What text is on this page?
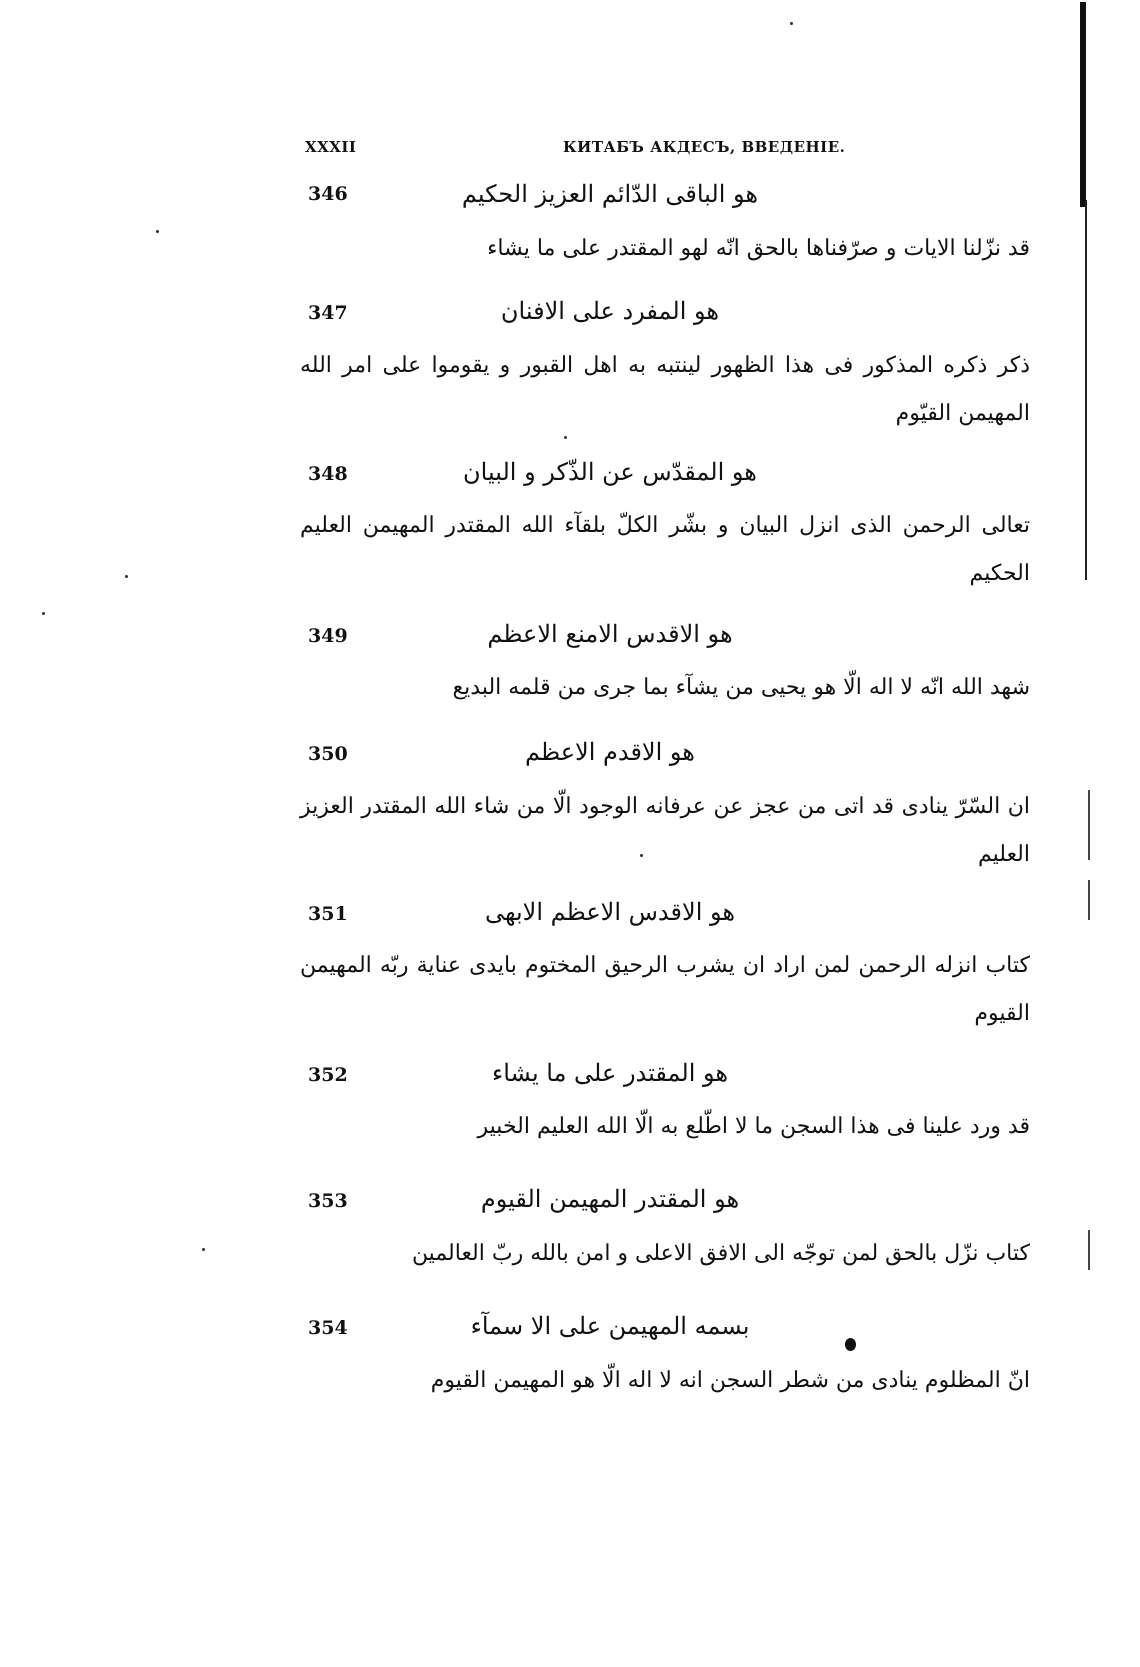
XXXII	КИТАБЪ АКДЕСЪ, ВВЕДЕНІЕ.
346	هو الباقی الدّائم العزیز الحکیم
قد نزّلنا الایات و صرّفناها بالحق انّه لهو المقتدر علی ما یشاء
347	هو المفرد علی الافنان
ذکر ذکره المذکور فی هذا الظهور لینتبه به اهل القبور و یقوموا علی امر الله المهیمن القیّوم
348	هو المقدّس عن الذّکر و البیان
تعالی الرحمن الذی انزل البیان و بشّر الکلّ بلقآء الله المقتدر المهیمن العلیم الحکیم
349	هو الاقدس الامنع الاعظم
شهد الله انّه لا اله الّا هو یحیی من یشآء بما جری من قلمه البدیع
350	هو الاقدم الاعظم
ان السّرّ ینادی قد اتی من عجز عن عرفانه الوجود الّا من شاء الله المقتدر العزیز العلیم
351	هو الاقدس الاعظم الابهی
کتاب انزله الرحمن لمن اراد ان یشرب الرحیق المختوم بایدی عنایة ربّه المهیمن القیوم
352	هو المقتدر علی ما یشاء
قد ورد علینا فی هذا السجن ما لا اطّلع به الّا الله العلیم الخبیر
353	هو المقتدر المهیمن القیوم
کتاب نزّل بالحق لمن توجّه الی الافق الاعلی و امن بالله ربّ العالمین
354	بسمه المهیمن علی الا سمآء
انّ المظلوم ینادی من شطر السجن انه لا اله الّا هو المهیمن القیوم
